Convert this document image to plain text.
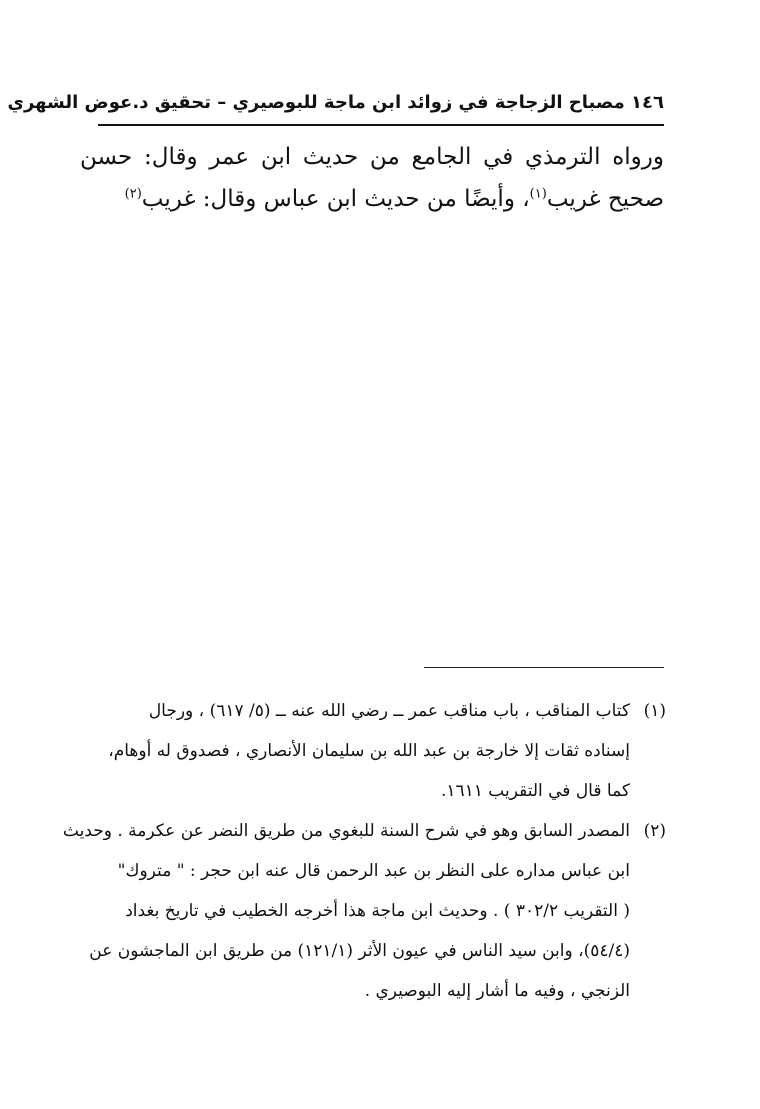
١٤٦ مصباح الزجاجة في زوائد ابن ماجة للبوصيري – تحقيق د.عوض الشهري
ورواه الترمذي في الجامع من حديث ابن عمر وقال: حسن صحيح غريب$^{(١)}$، وأيضًا من حديث ابن عباس وقال: غريب$^{(٢)}$
(١)
كتاب المناقب ، باب مناقب عمر ــ رضي الله عنه ــ (٥/ ٦١٧) ، ورجال
إسناده ثقات إلا خارجة بن عبد الله بن سليمان الأنصاري ، فصدوق له أوهام،
كما قال في التقريب ١٦١١.
(٢)
المصدر السابق وهو في شرح السنة للبغوي من طريق النضر عن عكرمة . وحديث
ابن عباس مداره على النظر بن عبد الرحمن قال عنه ابن حجر : " متروك"
( التقريب ٣٠٢/٢ ) . وحديث ابن ماجة هذا أخرجه الخطيب في تاريخ بغداد
(٥٤/٤)، وابن سيد الناس في عيون الأثر (١٢١/١) من طريق ابن الماجشون عن
الزنجي ، وفيه ما أشار إليه البوصيري .
